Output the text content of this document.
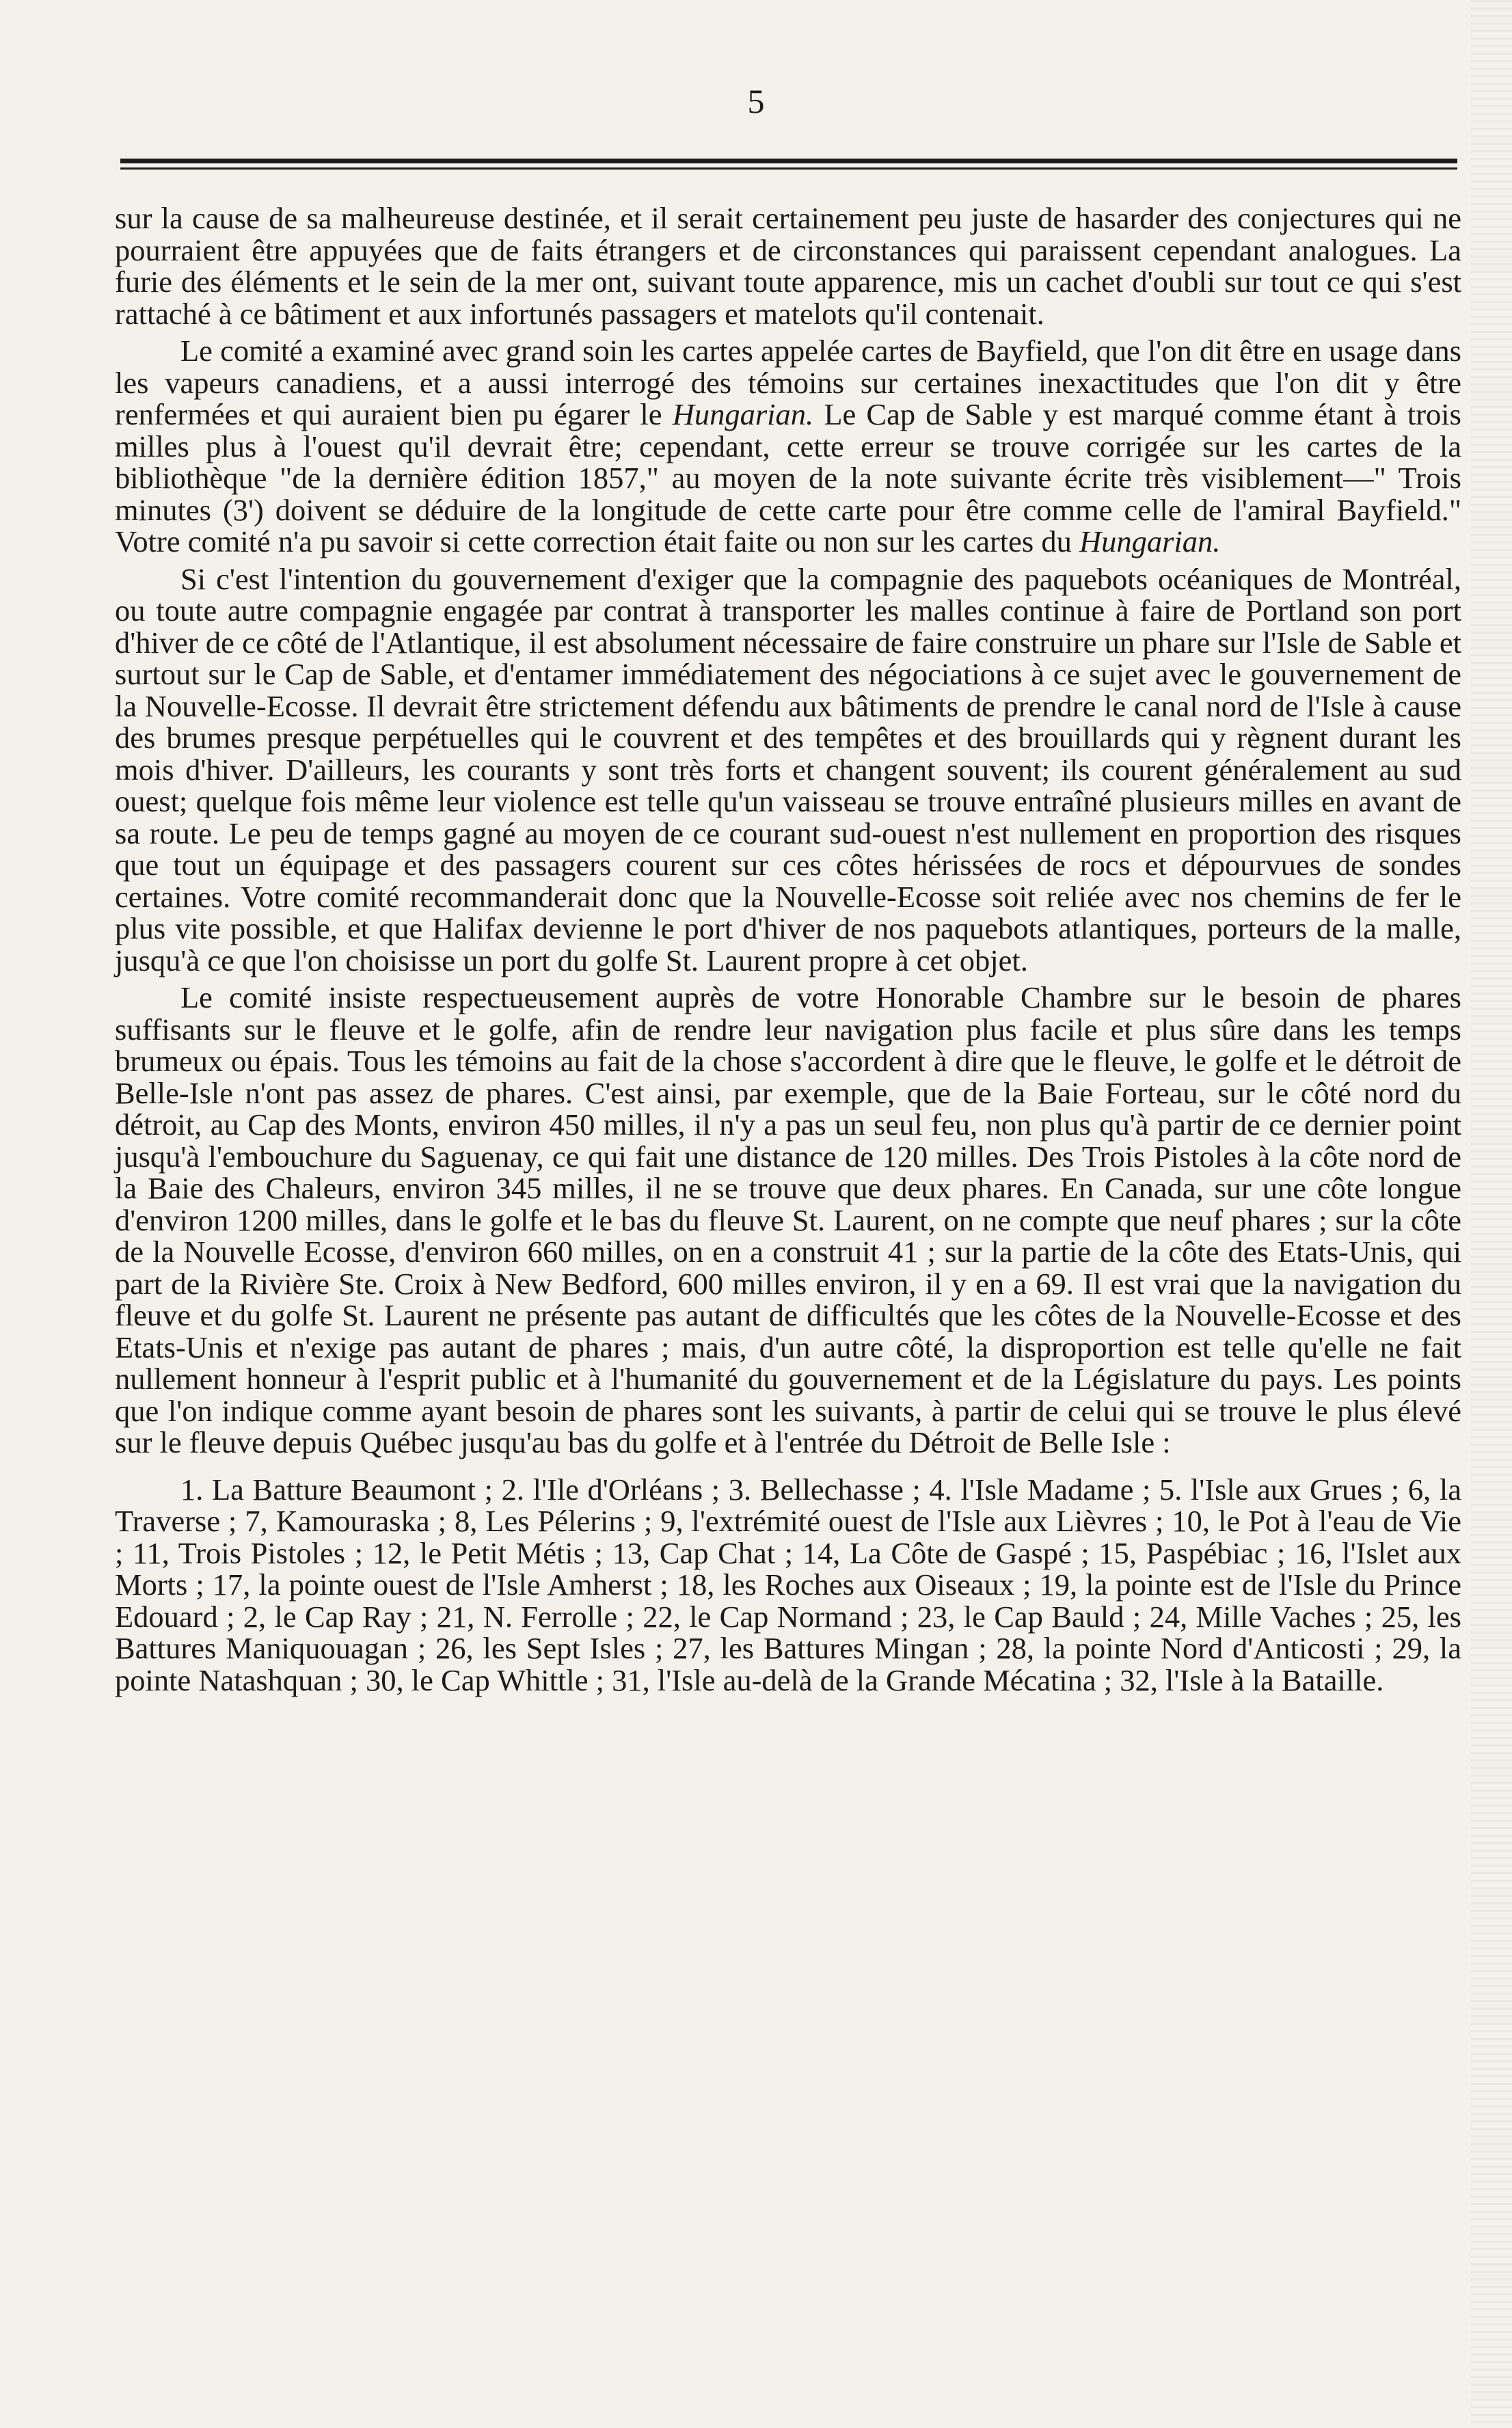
5

sur la cause de sa malheureuse destinée, et il serait certainement peu juste de hasarder des conjectures qui ne pourraient être appuyées que de faits étrangers et de circonstances qui paraissent cependant analogues. La furie des éléments et le sein de la mer ont, suivant toute apparence, mis un cachet d'oubli sur tout ce qui s'est rattaché à ce bâtiment et aux infortunés passagers et matelots qu'il contenait.

Le comité a examiné avec grand soin les cartes appelée cartes de Bayfield, que l'on dit être en usage dans les vapeurs canadiens, et a aussi interrogé des témoins sur certaines inexactitudes que l'on dit y être renfermées et qui auraient bien pu égarer le Hungarian. Le Cap de Sable y est marqué comme étant à trois milles plus à l'ouest qu'il devrait être; cependant, cette erreur se trouve corrigée sur les cartes de la bibliothèque "de la dernière édition 1857," au moyen de la note suivante écrite très visiblement—" Trois minutes (3') doivent se déduire de la longitude de cette carte pour être comme celle de l'amiral Bayfield." Votre comité n'a pu savoir si cette correction était faite ou non sur les cartes du Hungarian.

Si c'est l'intention du gouvernement d'exiger que la compagnie des paquebots océaniques de Montréal, ou toute autre compagnie engagée par contrat à transporter les malles continue à faire de Portland son port d'hiver de ce côté de l'Atlantique, il est absolument nécessaire de faire construire un phare sur l'Isle de Sable et surtout sur le Cap de Sable, et d'entamer immédiatement des négociations à ce sujet avec le gouvernement de la Nouvelle-Ecosse. Il devrait être strictement défendu aux bâtiments de prendre le canal nord de l'Isle à cause des brumes presque perpétuelles qui le couvrent et des tempêtes et des brouillards qui y règnent durant les mois d'hiver. D'ailleurs, les courants y sont très forts et changent souvent; ils courent généralement au sud ouest; quelque fois même leur violence est telle qu'un vaisseau se trouve entraîné plusieurs milles en avant de sa route. Le peu de temps gagné au moyen de ce courant sud-ouest n'est nullement en proportion des risques que tout un équipage et des passagers courent sur ces côtes hérissées de rocs et dépourvues de sondes certaines. Votre comité recommanderait donc que la Nouvelle-Ecosse soit reliée avec nos chemins de fer le plus vite possible, et que Halifax devienne le port d'hiver de nos paquebots atlantiques, porteurs de la malle, jusqu'à ce que l'on choisisse un port du golfe St. Laurent propre à cet objet.

Le comité insiste respectueusement auprès de votre Honorable Chambre sur le besoin de phares suffisants sur le fleuve et le golfe, afin de rendre leur navigation plus facile et plus sûre dans les temps brumeux ou épais. Tous les témoins au fait de la chose s'accordent à dire que le fleuve, le golfe et le détroit de Belle-Isle n'ont pas assez de phares. C'est ainsi, par exemple, que de la Baie Forteau, sur le côté nord du détroit, au Cap des Monts, environ 450 milles, il n'y a pas un seul feu, non plus qu'à partir de ce dernier point jusqu'à l'embouchure du Saguenay, ce qui fait une distance de 120 milles. Des Trois Pistoles à la côte nord de la Baie des Chaleurs, environ 345 milles, il ne se trouve que deux phares. En Canada, sur une côte longue d'environ 1200 milles, dans le golfe et le bas du fleuve St. Laurent, on ne compte que neuf phares ; sur la côte de la Nouvelle Ecosse, d'environ 660 milles, on en a construit 41 ; sur la partie de la côte des Etats-Unis, qui part de la Rivière Ste. Croix à New Bedford, 600 milles environ, il y en a 69. Il est vrai que la navigation du fleuve et du golfe St. Laurent ne présente pas autant de difficultés que les côtes de la Nouvelle-Ecosse et des Etats-Unis et n'exige pas autant de phares ; mais, d'un autre côté, la disproportion est telle qu'elle ne fait nullement honneur à l'esprit public et à l'humanité du gouvernement et de la Législature du pays. Les points que l'on indique comme ayant besoin de phares sont les suivants, à partir de celui qui se trouve le plus élevé sur le fleuve depuis Québec jusqu'au bas du golfe et à l'entrée du Détroit de Belle Isle :

1. La Batture Beaumont ; 2. l'Ile d'Orléans ; 3. Bellechasse ; 4. l'Isle Madame ; 5. l'Isle aux Grues ; 6, la Traverse ; 7, Kamouraska ; 8, Les Pélerins ; 9, l'extrémité ouest de l'Isle aux Lièvres ; 10, le Pot à l'eau de Vie ; 11, Trois Pistoles ; 12, le Petit Métis ; 13, Cap Chat ; 14, La Côte de Gaspé ; 15, Paspébiac ; 16, l'Islet aux Morts ; 17, la pointe ouest de l'Isle Amherst ; 18, les Roches aux Oiseaux ; 19, la pointe est de l'Isle du Prince Edouard ; 2, le Cap Ray ; 21, N. Ferrolle ; 22, le Cap Normand ; 23, le Cap Bauld ; 24, Mille Vaches ; 25, les Battures Maniquouagan ; 26, les Sept Isles ; 27, les Battures Mingan ; 28, la pointe Nord d'Anticosti ; 29, la pointe Natashquan ; 30, le Cap Whittle ; 31, l'Isle au-delà de la Grande Mécatina ; 32, l'Isle à la Bataille.
